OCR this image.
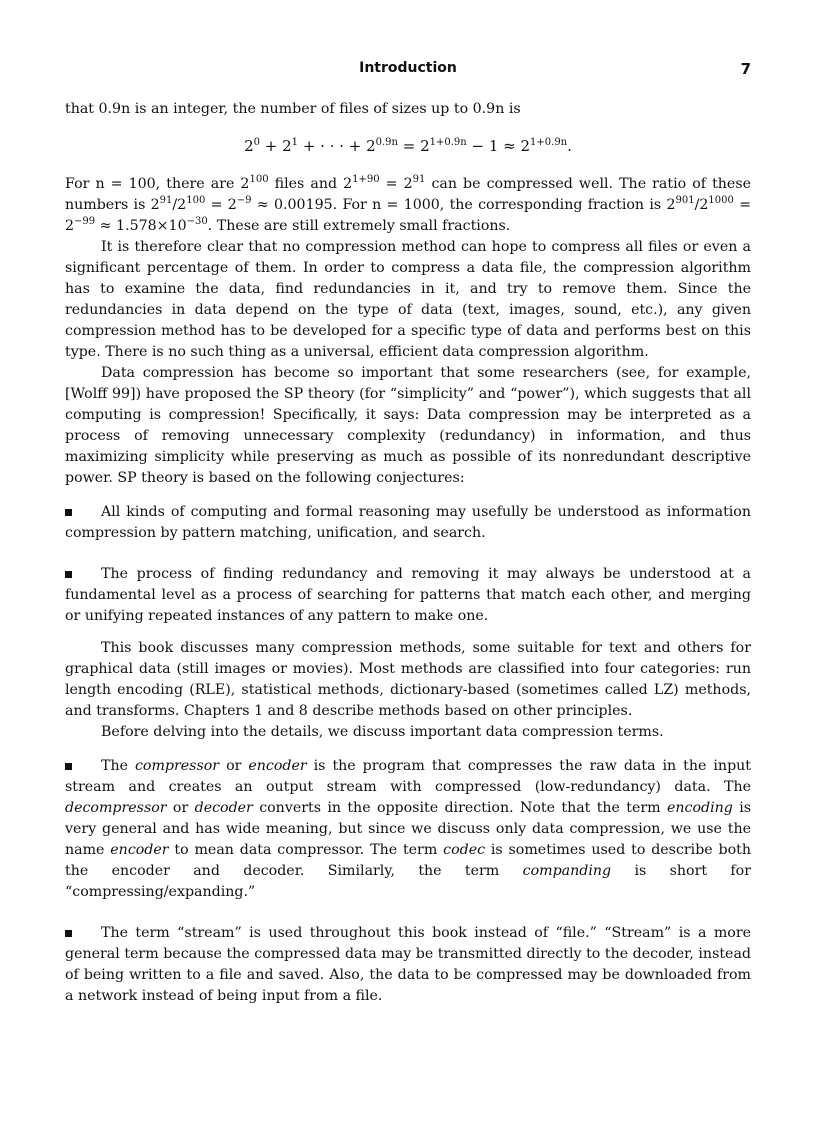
Introduction	7

that 0.9n is an integer, the number of files of sizes up to 0.9n is

$2^0 + 2^1$ + · · · + $2^{0.9n} = 2^{1+0.9n} - 1 \approx 2^{1+0.9n}$.

For n = 100, there are $2^{100}$ files and $2^{1+90} = 2^{91}$ can be compressed well. The ratio of these numbers is $2^{91}/2^{100} = 2^{-9} \approx 0.00195$. For n = 1000, the corresponding fraction is $2^{901}/2^{1000} = 2^{-99} \approx 1.578\times 10^{-30}$. These are still extremely small fractions.

It is therefore clear that no compression method can hope to compress all files or even a significant percentage of them. In order to compress a data file, the compression algorithm has to examine the data, find redundancies in it, and try to remove them. Since the redundancies in data depend on the type of data (text, images, sound, etc.), any given compression method has to be developed for a specific type of data and performs best on this type. There is no such thing as a universal, efficient data compression algorithm.

Data compression has become so important that some researchers (see, for example, [Wolff 99]) have proposed the SP theory (for “simplicity” and “power”), which suggests that all computing is compression! Specifically, it says: Data compression may be interpreted as a process of removing unnecessary complexity (redundancy) in information, and thus maximizing simplicity while preserving as much as possible of its nonredundant descriptive power. SP theory is based on the following conjectures:

All kinds of computing and formal reasoning may usefully be understood as information compression by pattern matching, unification, and search.

The process of finding redundancy and removing it may always be understood at a fundamental level as a process of searching for patterns that match each other, and merging or unifying repeated instances of any pattern to make one.

This book discusses many compression methods, some suitable for text and others for graphical data (still images or movies). Most methods are classified into four categories: run length encoding (RLE), statistical methods, dictionary-based (sometimes called LZ) methods, and transforms. Chapters 1 and 8 describe methods based on other principles.

Before delving into the details, we discuss important data compression terms.

The compressor or encoder is the program that compresses the raw data in the input stream and creates an output stream with compressed (low-redundancy) data. The decompressor or decoder converts in the opposite direction. Note that the term encoding is very general and has wide meaning, but since we discuss only data compression, we use the name encoder to mean data compressor. The term codec is sometimes used to describe both the encoder and decoder. Similarly, the term companding is short for “compressing/expanding.”

The term “stream” is used throughout this book instead of “file.” “Stream” is a more general term because the compressed data may be transmitted directly to the decoder, instead of being written to a file and saved. Also, the data to be compressed may be downloaded from a network instead of being input from a file.
